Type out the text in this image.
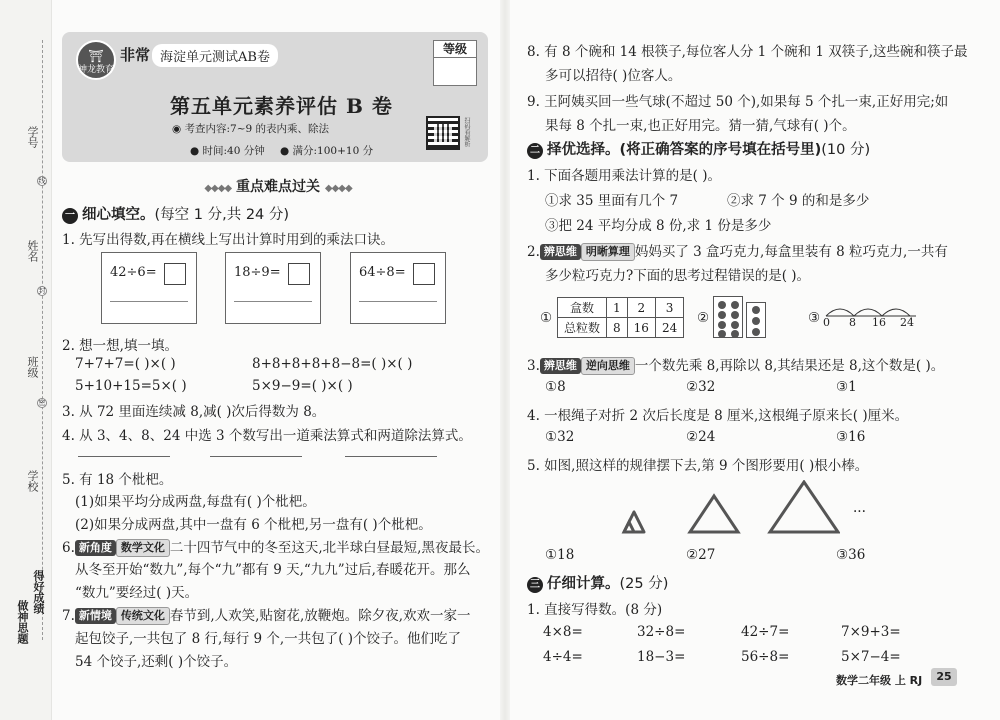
学号
姓名
班级
学校
线
封
密
得好成绩
做神思题
⛩
神龙教育
非常 海淀单元测试AB卷
等级
第五单元素养评估 B 卷
◉ 考查内容:7~9 的表内乘、除法
● 时间:40 分钟 ● 满分:100+10 分
扫码看解析
◆◆◆◆ 重点难点过关 ◆◆◆◆
一 细心填空。(每空 1 分,共 24 分)
1. 先写出得数,再在横线上写出计算时用到的乘法口诀。
42÷6=	18÷9=	64÷8=
2. 想一想,填一填。
7+7+7=( )×( )	8+8+8+8+8−8=( )×( )
5+10+15=5×( )	5×9−9=( )×( )
3. 从 72 里面连续减 8,减( )次后得数为 8。
4. 从 3、4、8、24 中选 3 个数写出一道乘法算式和两道除法算式。
5. 有 18 个枇杷。
(1)如果平均分成两盘,每盘有( )个枇杷。
(2)如果分成两盘,其中一盘有 6 个枇杷,另一盘有( )个枇杷。
6. 新角度 数学文化 二十四节气中的冬至这天,北半球白昼最短,黑夜最长。
从冬至开始“数九”,每个“九”都有 9 天,“九九”过后,春暖花开。那么
“数九”要经过( )天。
7. 新情境 传统文化 春节到,人欢笑,贴窗花,放鞭炮。除夕夜,欢欢一家一
起包饺子,一共包了 8 行,每行 9 个,一共包了( )个饺子。他们吃了
54 个饺子,还剩( )个饺子。
8. 有 8 个碗和 14 根筷子,每位客人分 1 个碗和 1 双筷子,这些碗和筷子最
多可以招待( )位客人。
9. 王阿姨买回一些气球(不超过 50 个),如果每 5 个扎一束,正好用完;如
果每 8 个扎一束,也正好用完。猜一猜,气球有( )个。
二 择优选择。(将正确答案的序号填在括号里)(10 分)
1. 下面各题用乘法计算的是( )。
①求 35 里面有几个 7	②求 7 个 9 的和是多少
③把 24 平均分成 8 份,求 1 份是多少
2. 辨思维 明晰算理 妈妈买了 3 盒巧克力,每盒里装有 8 粒巧克力,一共有
多少粒巧克力?下面的思考过程错误的是( )。
①
盒数	1	2	3
总粒数	8	16	24
②	③ 0 8 16 24
3. 辨思维 逆向思维 一个数先乘 8,再除以 8,其结果还是 8,这个数是( )。
①8	②32	③1
4. 一根绳子对折 2 次后长度是 8 厘米,这根绳子原来长( )厘米。
①32	②24	③16
5. 如图,照这样的规律摆下去,第 9 个图形要用( )根小棒。
...
①18	②27	③36
三 仔细计算。(25 分)
1. 直接写得数。(8 分)
4×8=	32÷8=	42÷7=	7×9+3=
4÷4=	18−3=	56÷8=	5×7−4=
数学二年级 上 RJ	25
